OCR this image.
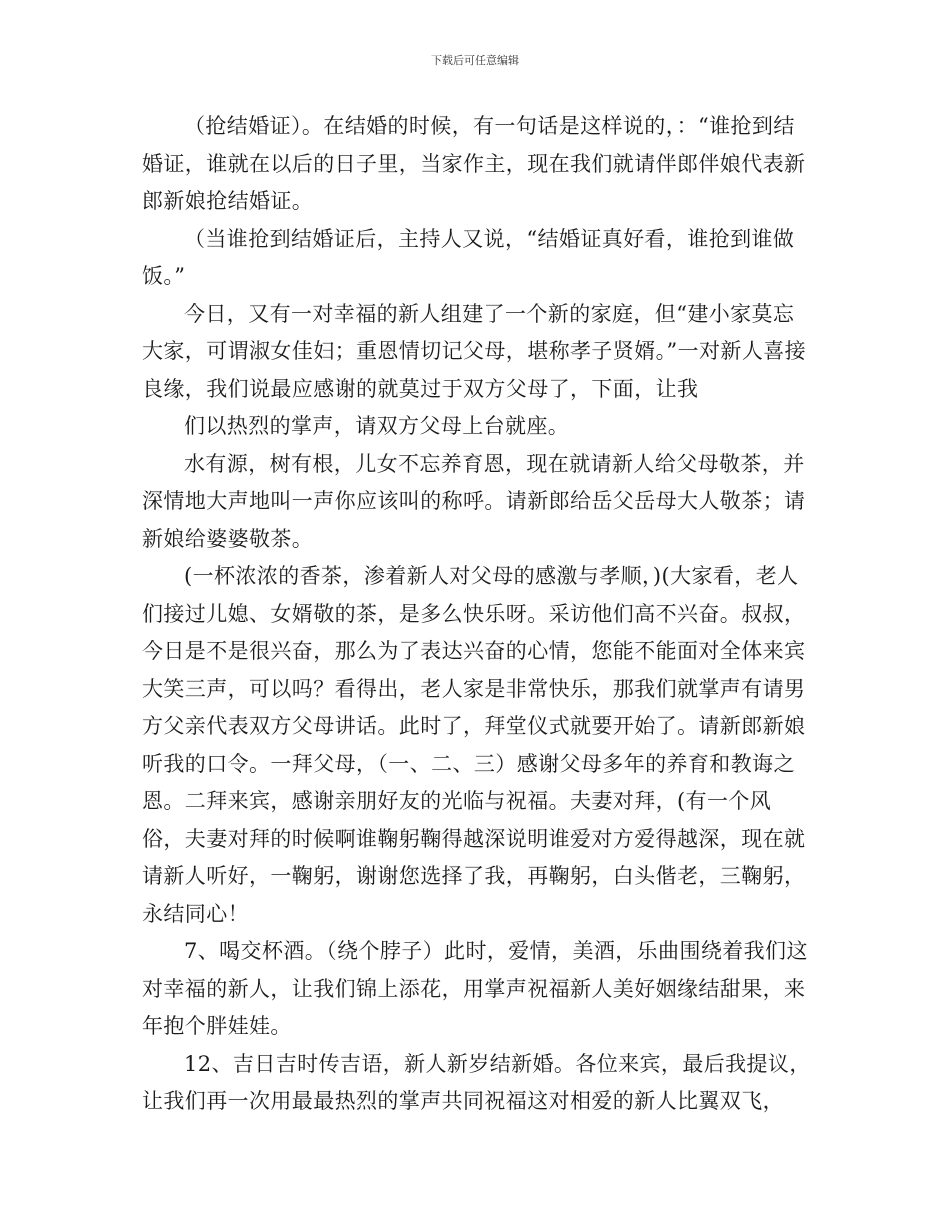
下载后可任意编辑

（抢结婚证）。在结婚的时候，有一句话是这样说的，：“谁抢到结婚证，谁就在以后的日子里，当家作主，现在我们就请伴郎伴娘代表新郎新娘抢结婚证。

（当谁抢到结婚证后，主持人又说，“结婚证真好看，谁抢到谁做饭。”

今日，又有一对幸福的新人组建了一个新的家庭，但“建小家莫忘大家，可谓淑女佳妇；重恩情切记父母，堪称孝子贤婿。”一对新人喜接良缘，我们说最应感谢的就莫过于双方父母了，下面，让我

们以热烈的掌声，请双方父母上台就座。

水有源，树有根，儿女不忘养育恩，现在就请新人给父母敬茶，并深情地大声地叫一声你应该叫的称呼。请新郎给岳父岳母大人敬茶；请新娘给婆婆敬茶。

(一杯浓浓的香茶，渗着新人对父母的感激与孝顺，)(大家看，老人们接过儿媳、女婿敬的茶，是多么快乐呀。采访他们高不兴奋。叔叔，今日是不是很兴奋，那么为了表达兴奋的心情，您能不能面对全体来宾大笑三声，可以吗？看得出，老人家是非常快乐，那我们就掌声有请男方父亲代表双方父母讲话。此时了，拜堂仪式就要开始了。请新郎新娘听我的口令。一拜父母，（一、二、三）感谢父母多年的养育和教诲之恩。二拜来宾，感谢亲朋好友的光临与祝福。夫妻对拜，(有一个风俗，夫妻对拜的时候啊谁鞠躬鞠得越深说明谁爱对方爱得越深，现在就请新人听好，一鞠躬，谢谢您选择了我，再鞠躬，白头偕老，三鞠躬，永结同心！

7、喝交杯酒。（绕个脖子）此时，爱情，美酒，乐曲围绕着我们这对幸福的新人，让我们锦上添花，用掌声祝福新人美好姻缘结甜果，来年抱个胖娃娃。

12、吉日吉时传吉语，新人新岁结新婚。各位来宾，最后我提议，让我们再一次用最最热烈的掌声共同祝福这对相爱的新人比翼双飞，
